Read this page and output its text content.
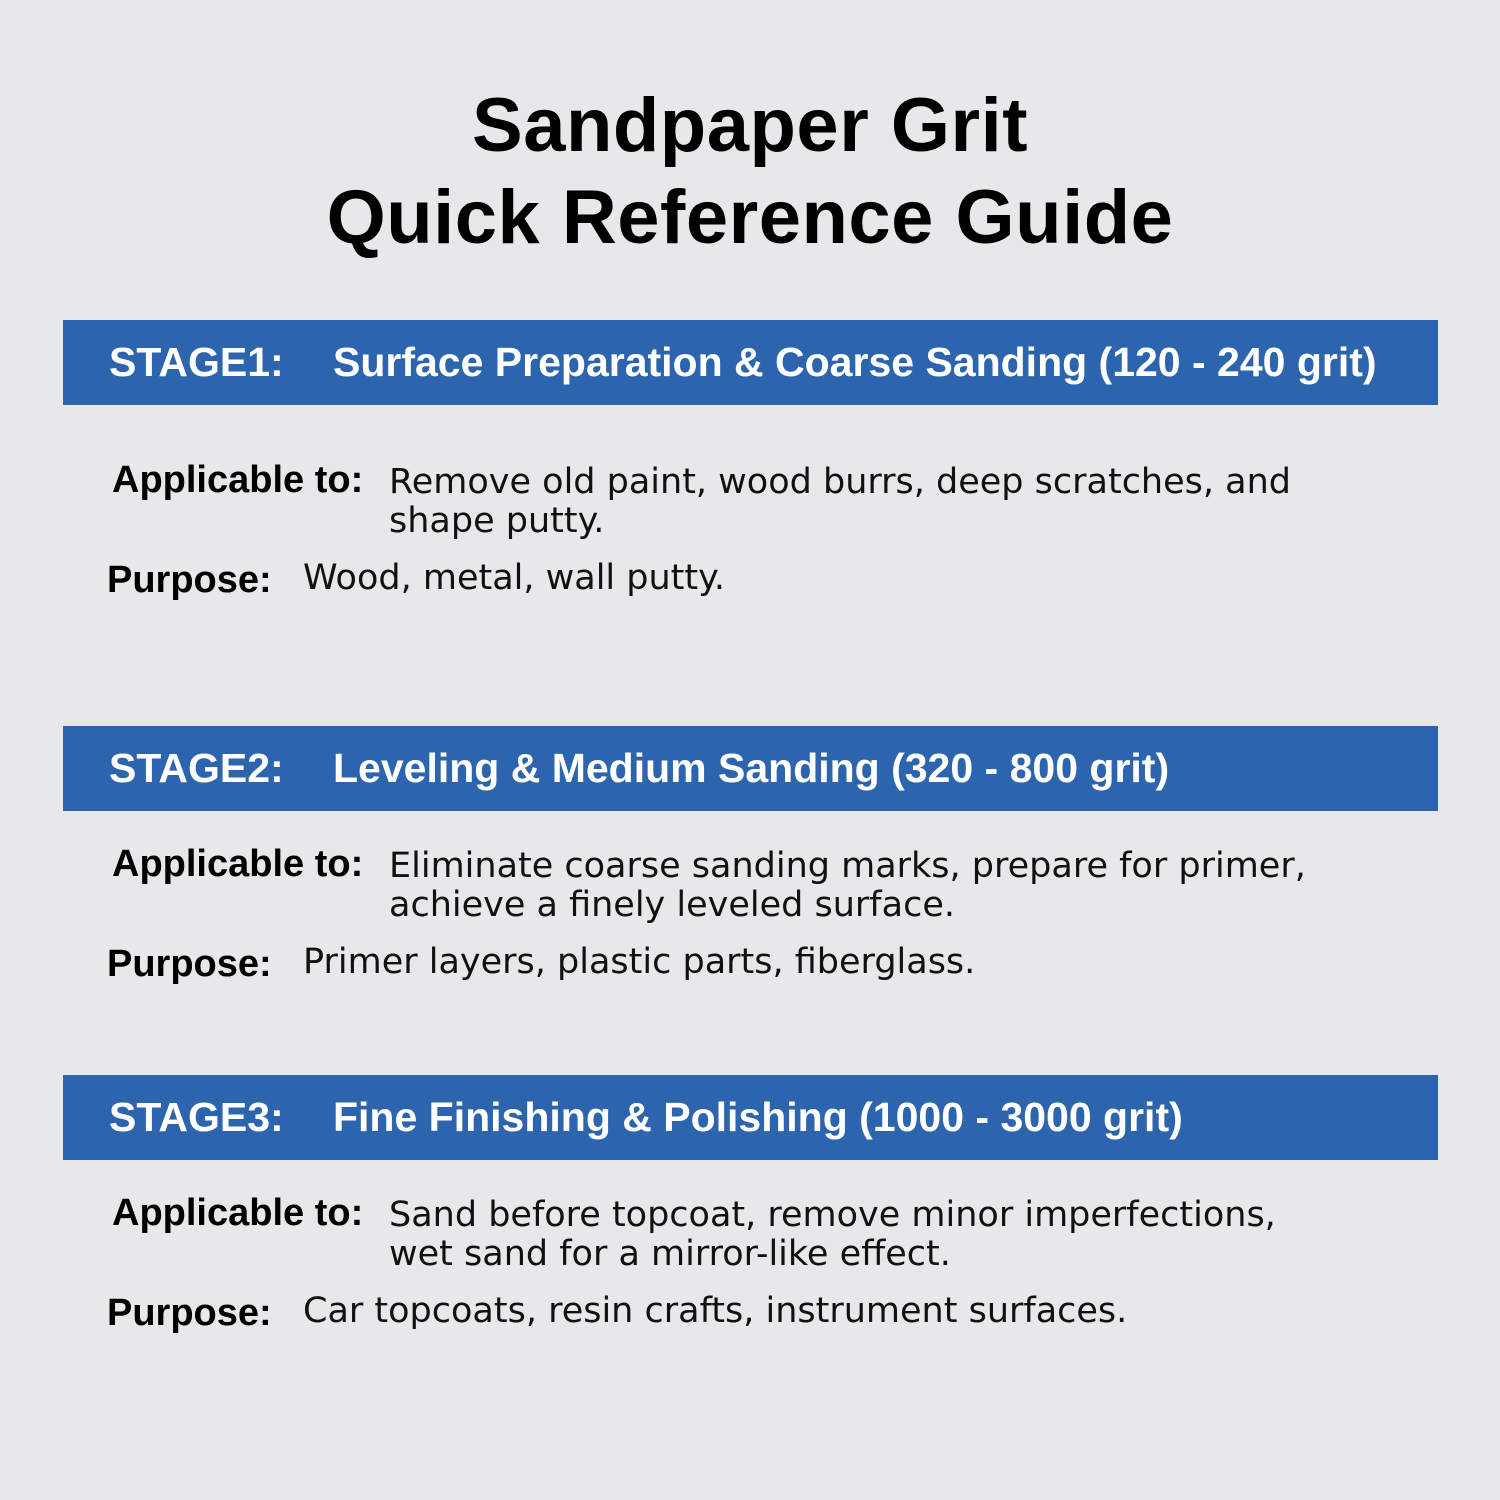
Sandpaper Grit
Quick Reference Guide
STAGE1: Surface Preparation & Coarse Sanding (120 - 240 grit)
Applicable to: Remove old paint, wood burrs, deep scratches, and shape putty.
Purpose: Wood, metal, wall putty.
STAGE2: Leveling & Medium Sanding (320 - 800 grit)
Applicable to: Eliminate coarse sanding marks, prepare for primer, achieve a finely leveled surface.
Purpose: Primer layers, plastic parts, fiberglass.
STAGE3: Fine Finishing & Polishing (1000 - 3000 grit)
Applicable to: Sand before topcoat, remove minor imperfections, wet sand for a mirror-like effect.
Purpose: Car topcoats, resin crafts, instrument surfaces.
